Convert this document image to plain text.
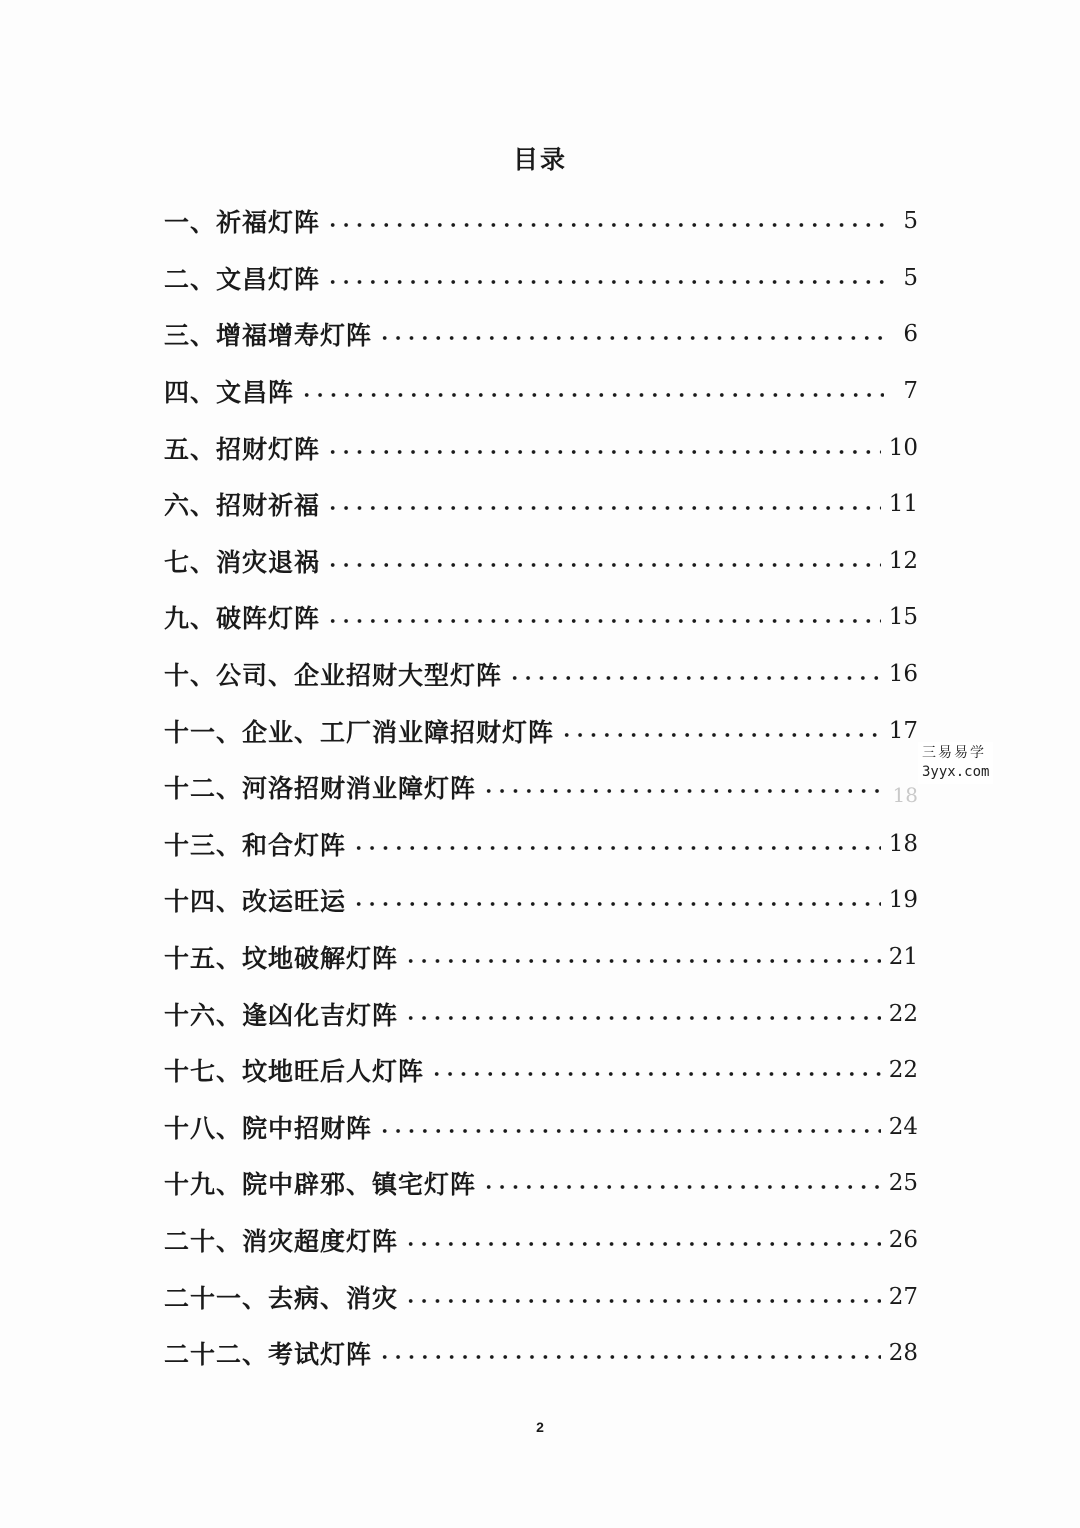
目录
一、祈福灯阵	5
二、文昌灯阵	5
三、增福增寿灯阵	6
四、文昌阵	7
五、招财灯阵	10
六、招财祈福	11
七、消灾退祸	12
九、破阵灯阵	15
十、公司、企业招财大型灯阵	16
十一、企业、工厂消业障招财灯阵	17
十二、河洛招财消业障灯阵	18
十三、和合灯阵	18
十四、改运旺运	19
十五、坟地破解灯阵	21
十六、逢凶化吉灯阵	22
十七、坟地旺后人灯阵	22
十八、院中招财阵	24
十九、院中辟邪、镇宅灯阵	25
二十、消灾超度灯阵	26
二十一、去病、消灾	27
二十二、考试灯阵	28
三易易学
3yyx.com
2
